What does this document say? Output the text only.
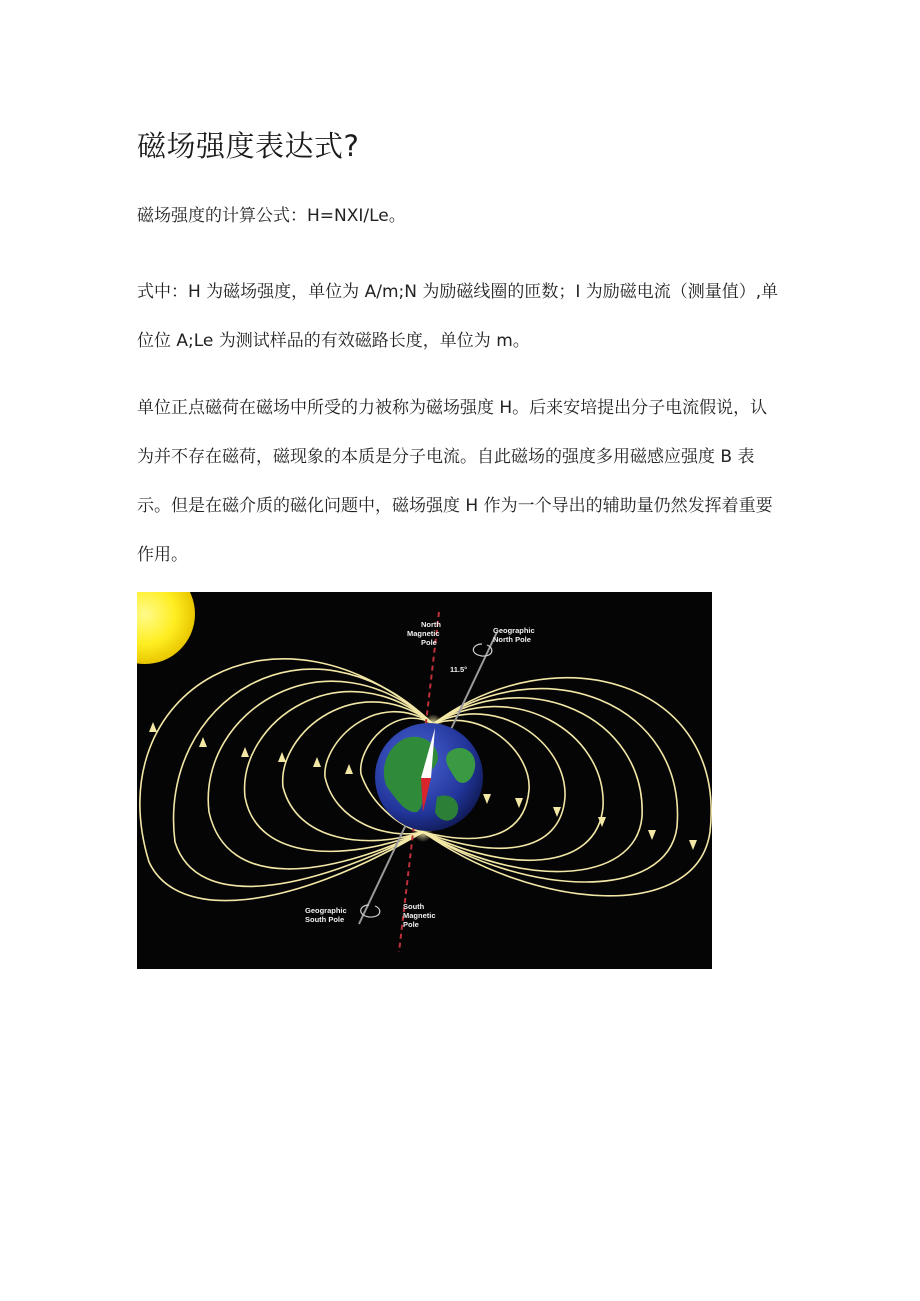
磁场强度表达式?

磁场强度的计算公式：H=NXI/Le。

式中：H 为磁场强度，单位为 A/m;N 为励磁线圈的匝数；I 为励磁电流（测量值）,单位位 A;Le 为测试样品的有效磁路长度，单位为 m。

单位正点磁荷在磁场中所受的力被称为磁场强度 H。后来安培提出分子电流假说，认为并不存在磁荷，磁现象的本质是分子电流。自此磁场的强度多用磁感应强度 B 表示。但是在磁介质的磁化问题中，磁场强度 H 作为一个导出的辅助量仍然发挥着重要作用。

North
Magnetic
Pole
Geographic
North Pole
11.5°
Geographic
South Pole
South
Magnetic
Pole
